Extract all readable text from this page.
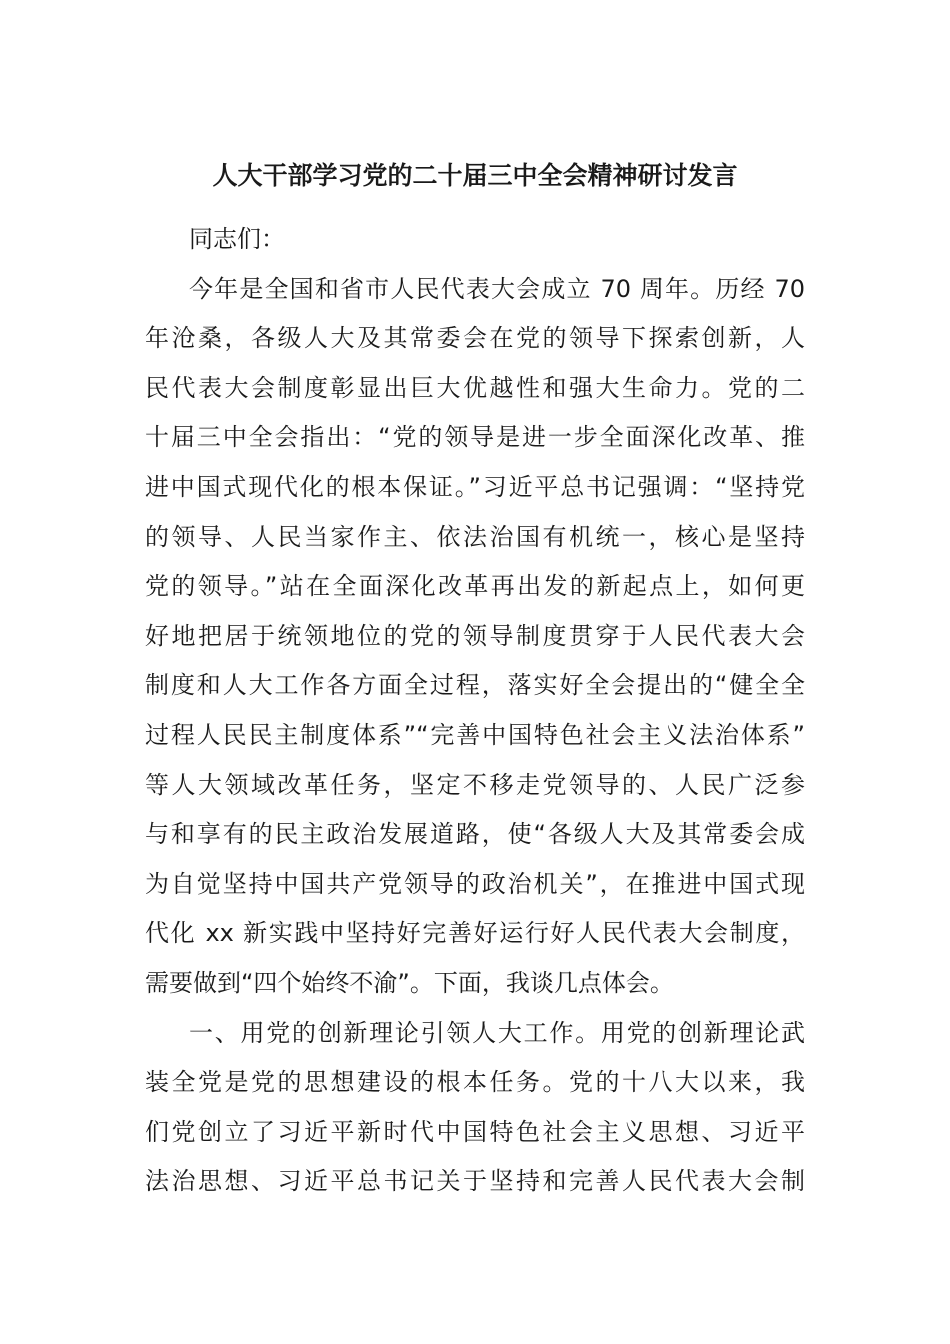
人大干部学习党的二十届三中全会精神研讨发言
同志们：
今年是全国和省市人民代表大会成立 70 周年。历经 70
年沧桑，各级人大及其常委会在党的领导下探索创新，人
民代表大会制度彰显出巨大优越性和强大生命力。党的二
十届三中全会指出：“党的领导是进一步全面深化改革、推
进中国式现代化的根本保证。”习近平总书记强调：“坚持党
的领导、人民当家作主、依法治国有机统一，核心是坚持
党的领导。”站在全面深化改革再出发的新起点上，如何更
好地把居于统领地位的党的领导制度贯穿于人民代表大会
制度和人大工作各方面全过程，落实好全会提出的“健全全
过程人民民主制度体系”“完善中国特色社会主义法治体系”
等人大领域改革任务，坚定不移走党领导的、人民广泛参
与和享有的民主政治发展道路，使“各级人大及其常委会成
为自觉坚持中国共产党领导的政治机关”，在推进中国式现
代化 xx 新实践中坚持好完善好运行好人民代表大会制度，
需要做到“四个始终不渝”。下面，我谈几点体会。
一、用党的创新理论引领人大工作。用党的创新理论武
装全党是党的思想建设的根本任务。党的十八大以来，我
们党创立了习近平新时代中国特色社会主义思想、习近平
法治思想、习近平总书记关于坚持和完善人民代表大会制
